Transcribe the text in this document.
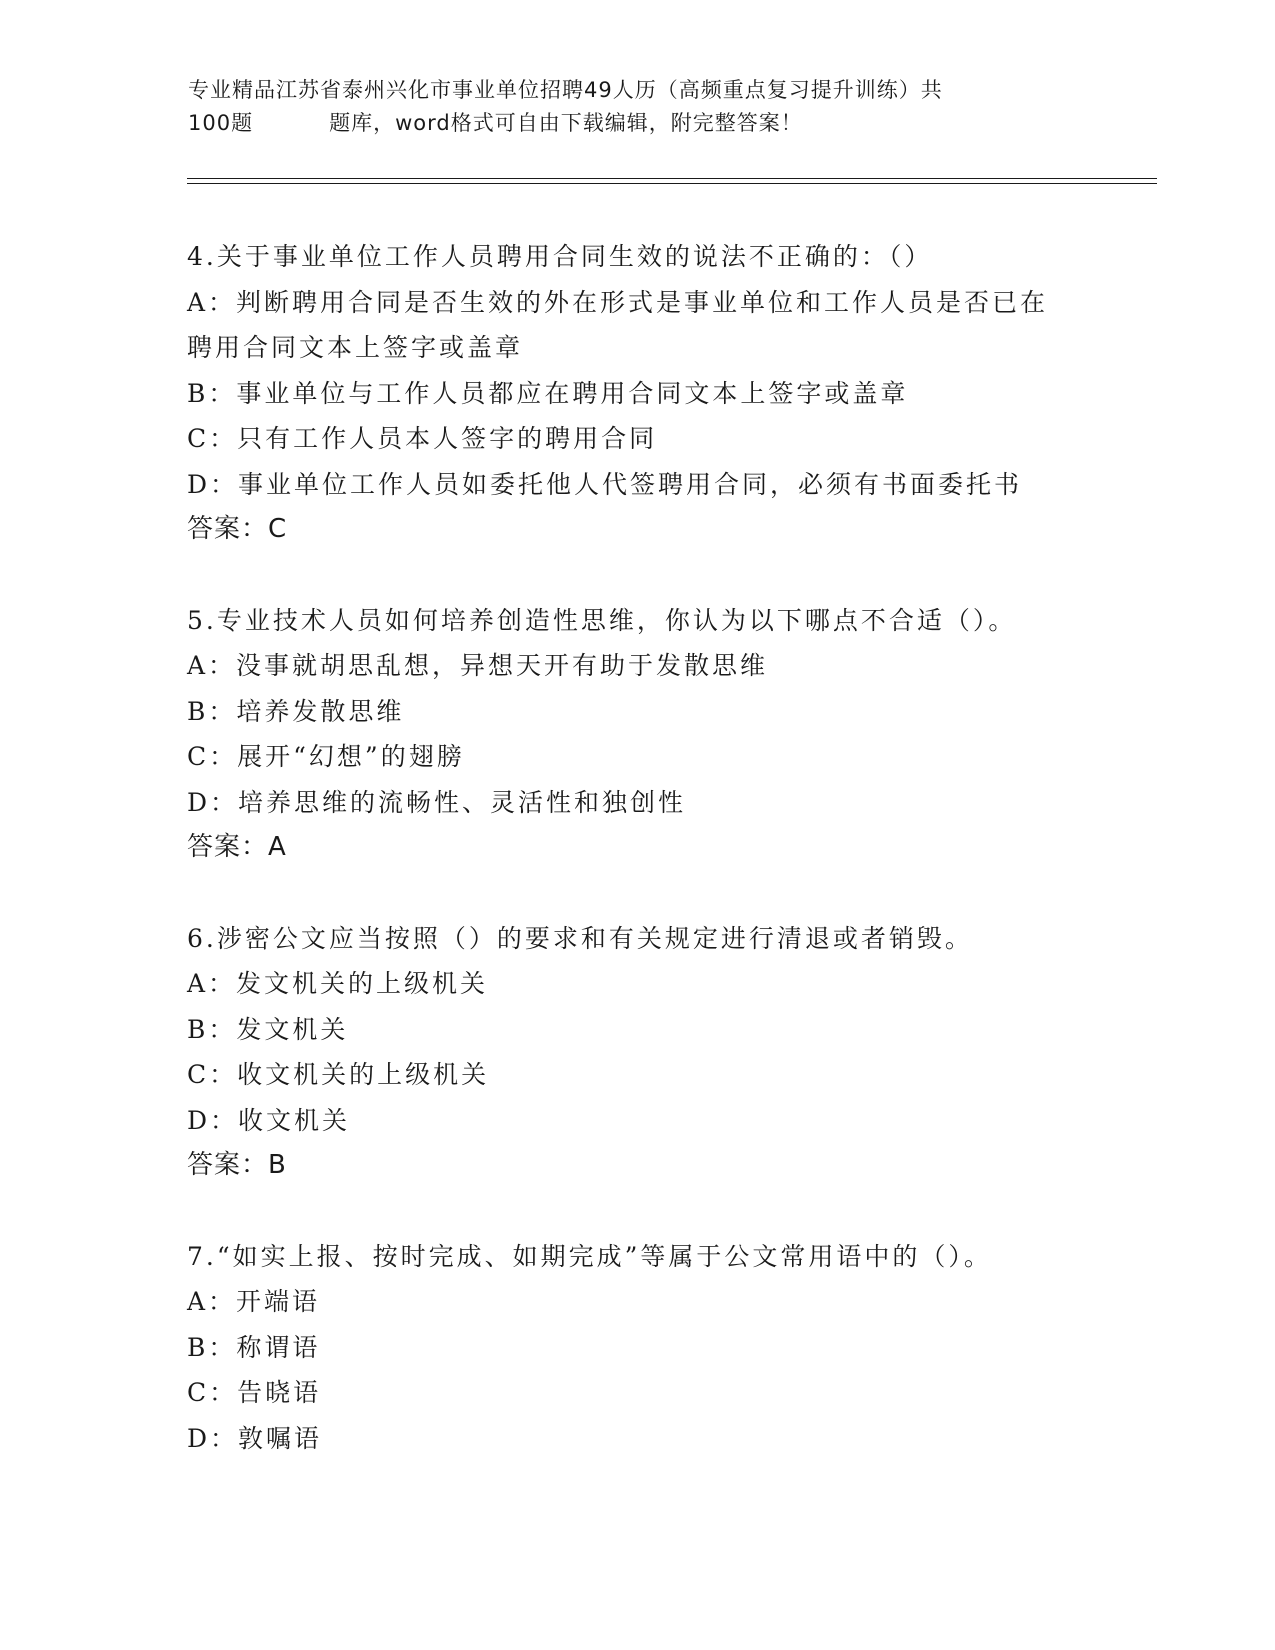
专业精品江苏省泰州兴化市事业单位招聘49人历（高频重点复习提升训练）共
100题	题库，word格式可自由下载编辑，附完整答案！
4.关于事业单位工作人员聘用合同生效的说法不正确的：（）
A：判断聘用合同是否生效的外在形式是事业单位和工作人员是否已在
聘用合同文本上签字或盖章
B：事业单位与工作人员都应在聘用合同文本上签字或盖章
C：只有工作人员本人签字的聘用合同
D：事业单位工作人员如委托他人代签聘用合同，必须有书面委托书
答案：C
5.专业技术人员如何培养创造性思维，你认为以下哪点不合适（）。
A：没事就胡思乱想，异想天开有助于发散思维
B：培养发散思维
C：展开“幻想”的翅膀
D：培养思维的流畅性、灵活性和独创性
答案：A
6.涉密公文应当按照（）的要求和有关规定进行清退或者销毁。
A：发文机关的上级机关
B：发文机关
C：收文机关的上级机关
D：收文机关
答案：B
7.“如实上报、按时完成、如期完成”等属于公文常用语中的（）。
A：开端语
B：称谓语
C：告晓语
D：敦嘱语
